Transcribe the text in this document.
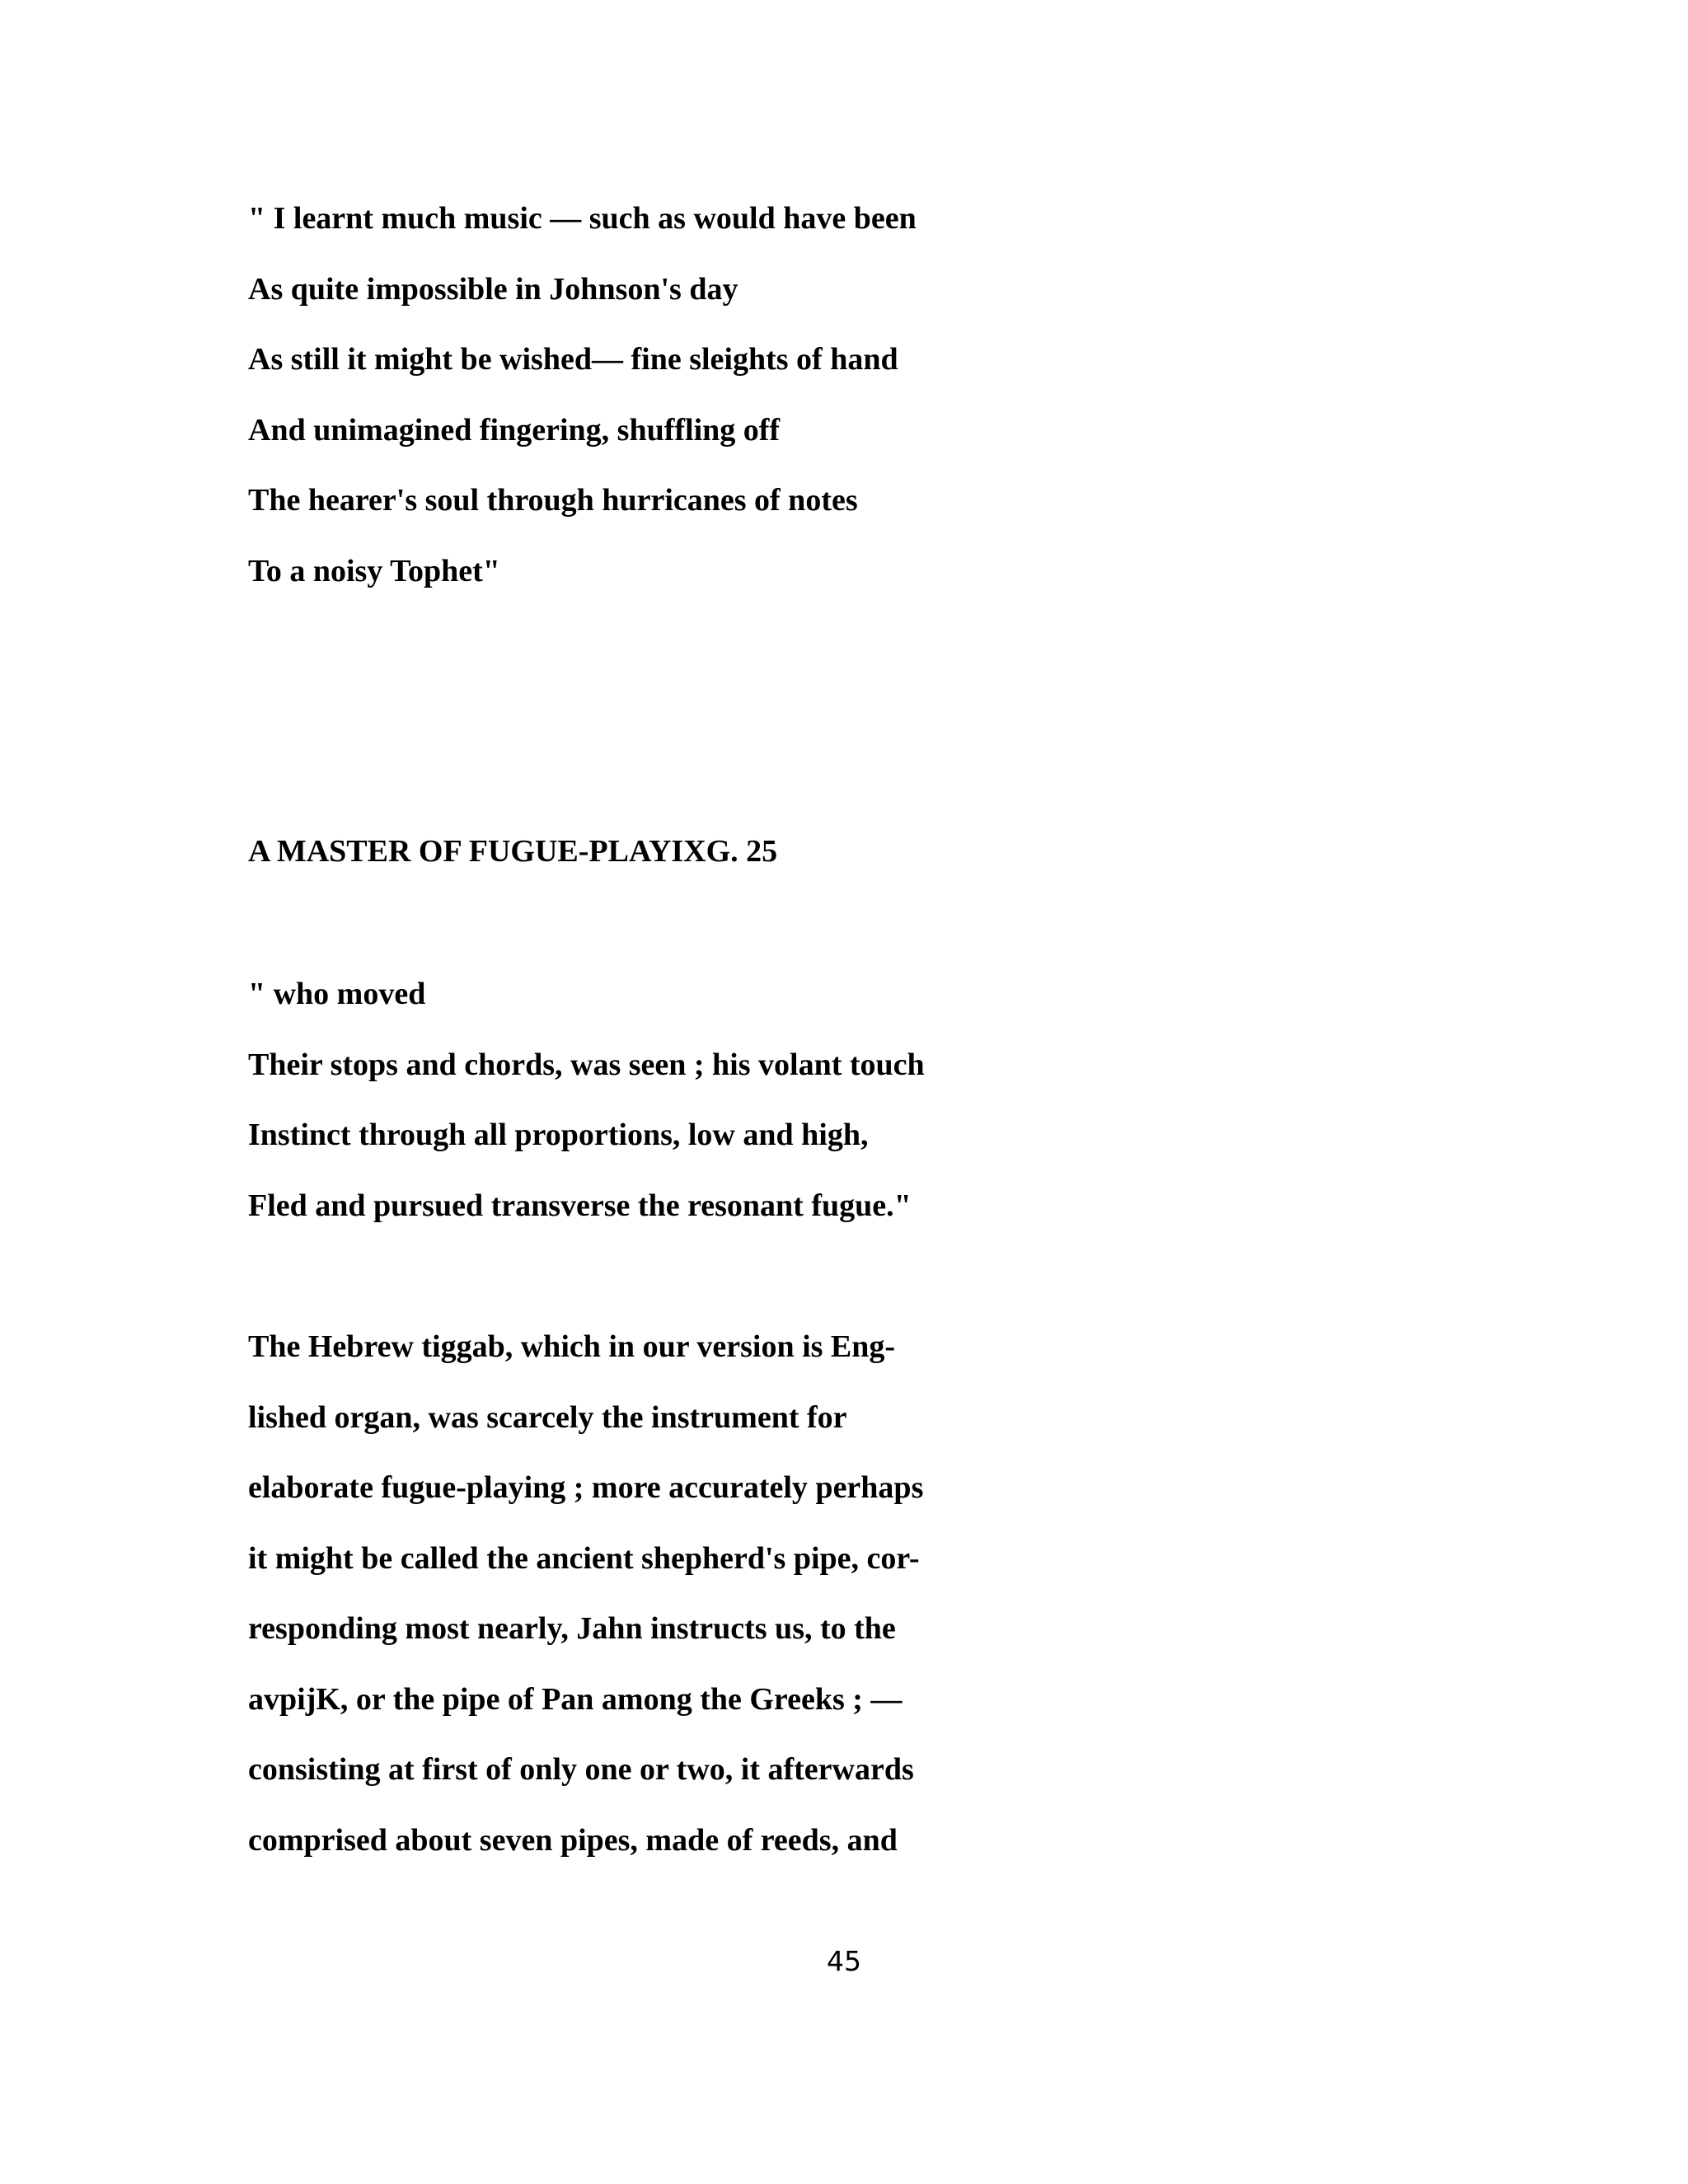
" I learnt much music — such as would have been
As quite impossible in Johnson's day
As still it might be wished— fine sleights of hand
And unimagined fingering, shuffling off
The hearer's soul through hurricanes of notes
To a noisy Tophet"
A MASTER OF FUGUE-PLAYIXG. 25
" who moved
Their stops and chords, was seen ; his volant touch
Instinct through all proportions, low and high,
Fled and pursued transverse the resonant fugue."
The Hebrew tiggab, which in our version is Eng-
lished organ, was scarcely the instrument for
elaborate fugue-playing ; more accurately perhaps
it might be called the ancient shepherd's pipe, cor-
responding most nearly, Jahn instructs us, to the
avpijK, or the pipe of Pan among the Greeks ; —
consisting at first of only one or two, it afterwards
comprised about seven pipes, made of reeds, and
45
